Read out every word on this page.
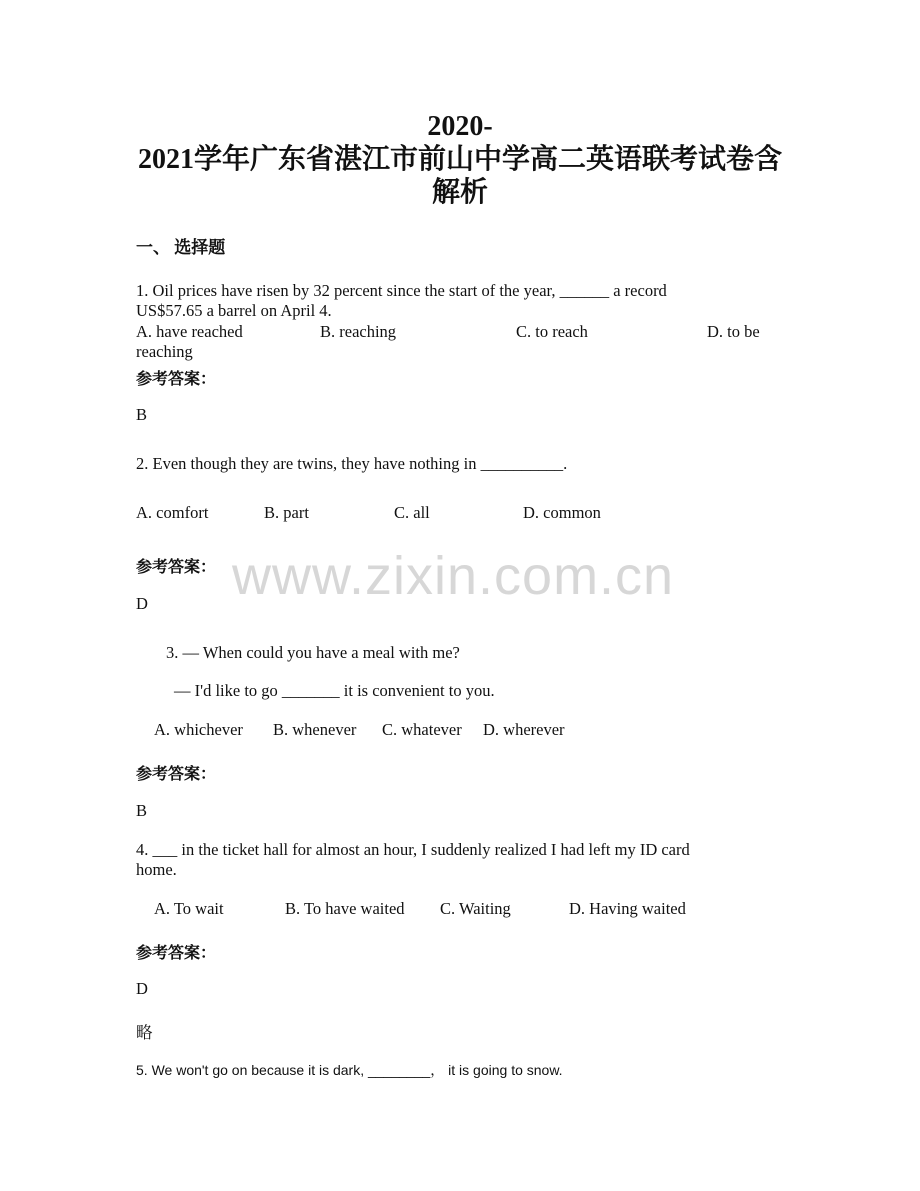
2020-
2021学年广东省湛江市前山中学高二英语联考试卷含
解析
一、 选择题
1. Oil prices have risen by 32 percent since the start of the year, ______ a record
US$57.65 a barrel on April 4.
A. have reached	B. reaching	C. to reach	D. to be
reaching
参考答案：
B
2. Even though they are twins, they have nothing in __________.
A. comfort	B. part	C. all	D. common
参考答案：
D
3. — When could you have a meal with me?
— I'd like to go _______ it is convenient to you.
A. whichever B. whenever C. whatever D. wherever
参考答案：
B
4. ___ in the ticket hall for almost an hour, I suddenly realized I had left my ID card
home.
A. To wait	B. To have waited C. Waiting	D. Having waited
参考答案：
D
略
5. We won't go on because it is dark, ________， it is going to snow.
www.zixin.com.cn
